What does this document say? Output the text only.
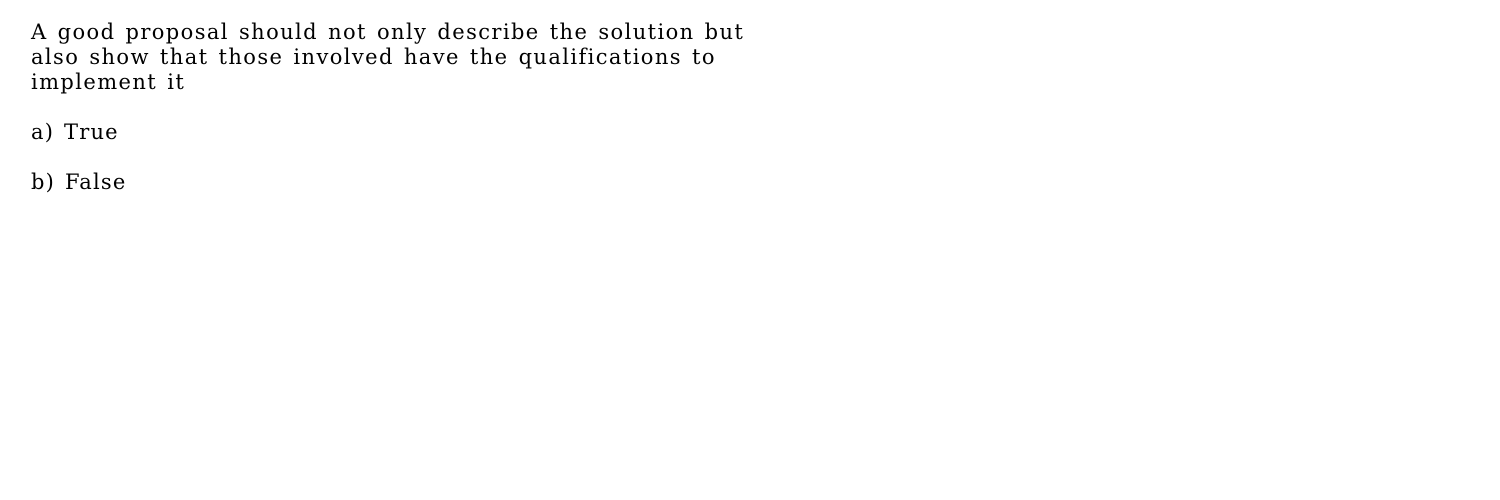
A good proposal should not only describe the solution but
also show that those involved have the qualifications to
implement it

a) True
b) False
